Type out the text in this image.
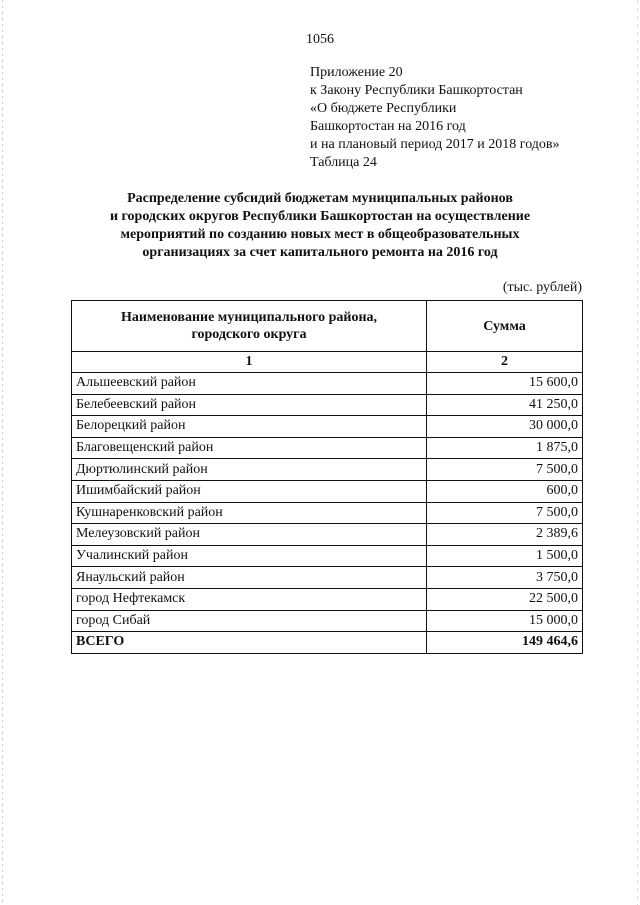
1056
Приложение 20
к Закону Республики Башкортостан
«О бюджете Республики
Башкортостан на 2016 год
и на плановый период 2017 и 2018 годов»
Таблица 24
Распределение субсидий бюджетам муниципальных районов
и городских округов Республики Башкортостан на осуществление
мероприятий по созданию новых мест в общеобразовательных
организациях за счет капитального ремонта на 2016 год
(тыс. рублей)
Наименование муниципального района,
городского округа	Сумма
1	2
Альшеевский район	15 600,0
Белебеевский район	41 250,0
Белорецкий район	30 000,0
Благовещенский район	1 875,0
Дюртюлинский район	7 500,0
Ишимбайский район	600,0
Кушнаренковский район	7 500,0
Мелеузовский район	2 389,6
Учалинский район	1 500,0
Янаульский район	3 750,0
город Нефтекамск	22 500,0
город Сибай	15 000,0
ВСЕГО	149 464,6
